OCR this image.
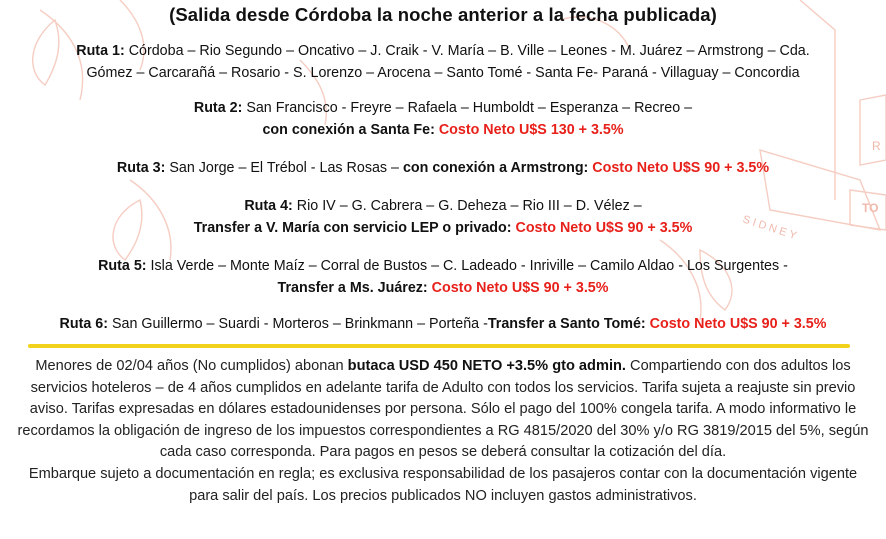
SIDNEY
TO
R
(Salida desde Córdoba la noche anterior a la fecha publicada)
Ruta 1: Córdoba – Rio Segundo – Oncativo – J. Craik - V. María – B. Ville – Leones - M. Juárez – Armstrong – Cda.
Gómez – Carcarañá – Rosario - S. Lorenzo – Arocena – Santo Tomé - Santa Fe- Paraná - Villaguay – Concordia
Ruta 2: San Francisco - Freyre – Rafaela – Humboldt – Esperanza – Recreo –
con conexión a Santa Fe: Costo Neto U$S 130 + 3.5%
Ruta 3: San Jorge – El Trébol - Las Rosas – con conexión a Armstrong: Costo Neto U$S 90 + 3.5%
Ruta 4: Rio IV – G. Cabrera – G. Deheza – Rio III – D. Vélez –
Transfer a V. María con servicio LEP o privado: Costo Neto U$S 90 + 3.5%
Ruta 5: Isla Verde – Monte Maíz – Corral de Bustos – C. Ladeado - Inriville – Camilo Aldao - Los Surgentes -
Transfer a Ms. Juárez: Costo Neto U$S 90 + 3.5%
Ruta 6: San Guillermo – Suardi - Morteros – Brinkmann – Porteña -Transfer a Santo Tomé: Costo Neto U$S 90 + 3.5%
Menores de 02/04 años (No cumplidos) abonan butaca USD 450 NETO +3.5% gto admin. Compartiendo con dos adultos los servicios hoteleros – de 4 años cumplidos en adelante tarifa de Adulto con todos los servicios. Tarifa sujeta a reajuste sin previo aviso. Tarifas expresadas en dólares estadounidenses por persona. Sólo el pago del 100% congela tarifa. A modo informativo le recordamos la obligación de ingreso de los impuestos correspondientes a RG 4815/2020 del 30% y/o RG 3819/2015 del 5%, según cada caso corresponda. Para pagos en pesos se deberá consultar la cotización del día.
Embarque sujeto a documentación en regla; es exclusiva responsabilidad de los pasajeros contar con la documentación vigente para salir del país. Los precios publicados NO incluyen gastos administrativos.
